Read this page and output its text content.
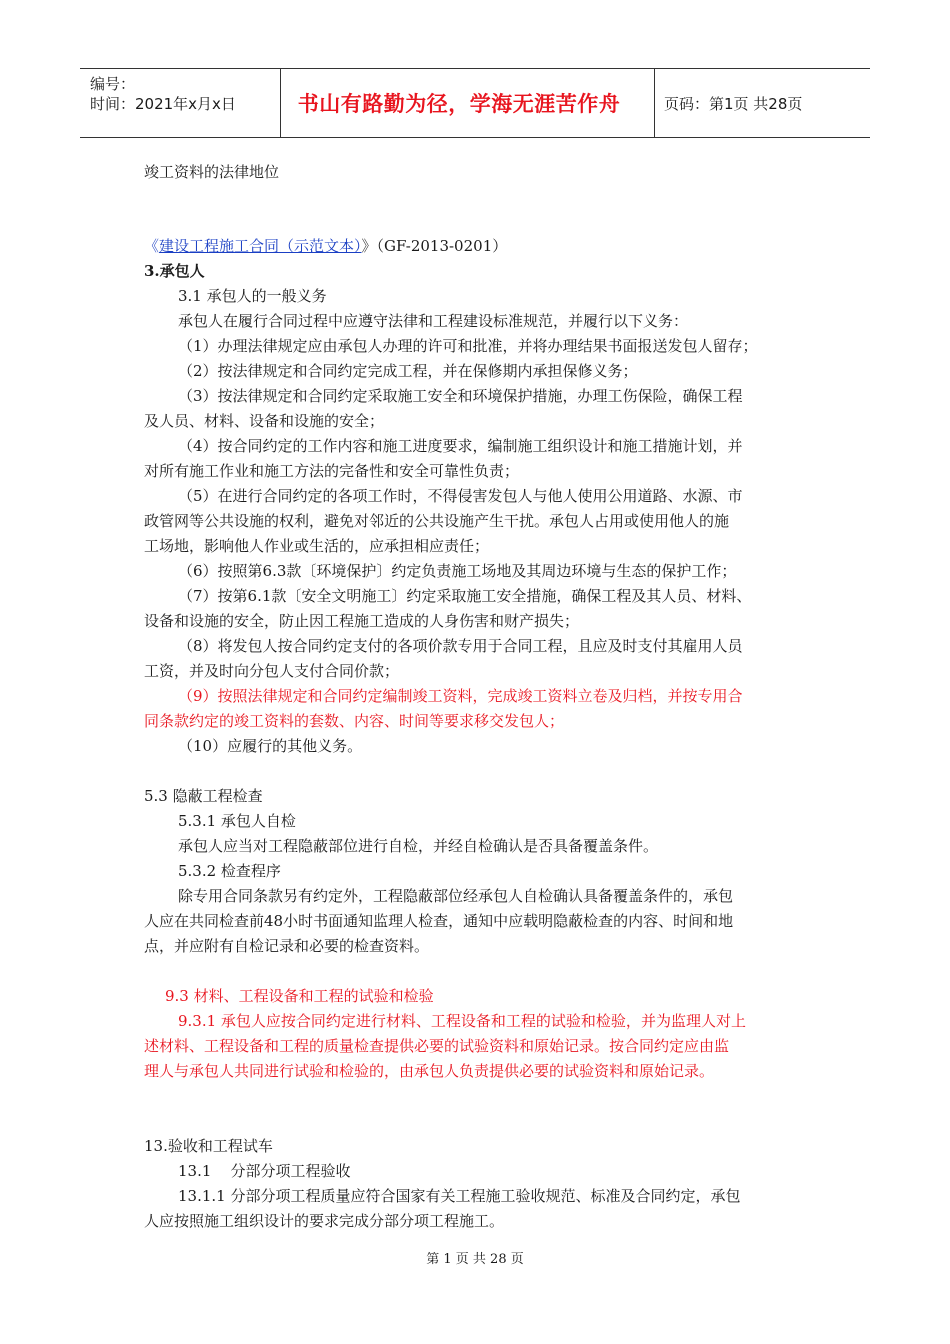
编号：
时间：2021年x月x日	书山有路勤为径，学海无涯苦作舟	页码：第1页 共28页
竣工资料的法律地位
《建设工程施工合同（示范文本）》（GF-2013-0201）
3.承包人
3.1 承包人的一般义务
承包人在履行合同过程中应遵守法律和工程建设标准规范，并履行以下义务：
（1）办理法律规定应由承包人办理的许可和批准，并将办理结果书面报送发包人留存；
（2）按法律规定和合同约定完成工程，并在保修期内承担保修义务；
（3）按法律规定和合同约定采取施工安全和环境保护措施，办理工伤保险，确保工程
及人员、材料、设备和设施的安全；
（4）按合同约定的工作内容和施工进度要求，编制施工组织设计和施工措施计划，并
对所有施工作业和施工方法的完备性和安全可靠性负责；
（5）在进行合同约定的各项工作时，不得侵害发包人与他人使用公用道路、水源、市
政管网等公共设施的权利，避免对邻近的公共设施产生干扰。承包人占用或使用他人的施
工场地，影响他人作业或生活的，应承担相应责任；
（6）按照第6.3款〔环境保护〕约定负责施工场地及其周边环境与生态的保护工作；
（7）按第6.1款〔安全文明施工〕约定采取施工安全措施，确保工程及其人员、材料、
设备和设施的安全，防止因工程施工造成的人身伤害和财产损失；
（8）将发包人按合同约定支付的各项价款专用于合同工程，且应及时支付其雇用人员
工资，并及时向分包人支付合同价款；
（9）按照法律规定和合同约定编制竣工资料，完成竣工资料立卷及归档，并按专用合
同条款约定的竣工资料的套数、内容、时间等要求移交发包人；
（10）应履行的其他义务。
5.3 隐蔽工程检查
5.3.1 承包人自检
承包人应当对工程隐蔽部位进行自检，并经自检确认是否具备覆盖条件。
5.3.2 检查程序
除专用合同条款另有约定外，工程隐蔽部位经承包人自检确认具备覆盖条件的，承包
人应在共同检查前48小时书面通知监理人检查，通知中应载明隐蔽检查的内容、时间和地
点，并应附有自检记录和必要的检查资料。
9.3 材料、工程设备和工程的试验和检验
9.3.1 承包人应按合同约定进行材料、工程设备和工程的试验和检验，并为监理人对上
述材料、工程设备和工程的质量检查提供必要的试验资料和原始记录。按合同约定应由监
理人与承包人共同进行试验和检验的，由承包人负责提供必要的试验资料和原始记录。
13.验收和工程试车
13.1    分部分项工程验收
13.1.1 分部分项工程质量应符合国家有关工程施工验收规范、标准及合同约定，承包
人应按照施工组织设计的要求完成分部分项工程施工。
第 1 页 共 28 页
